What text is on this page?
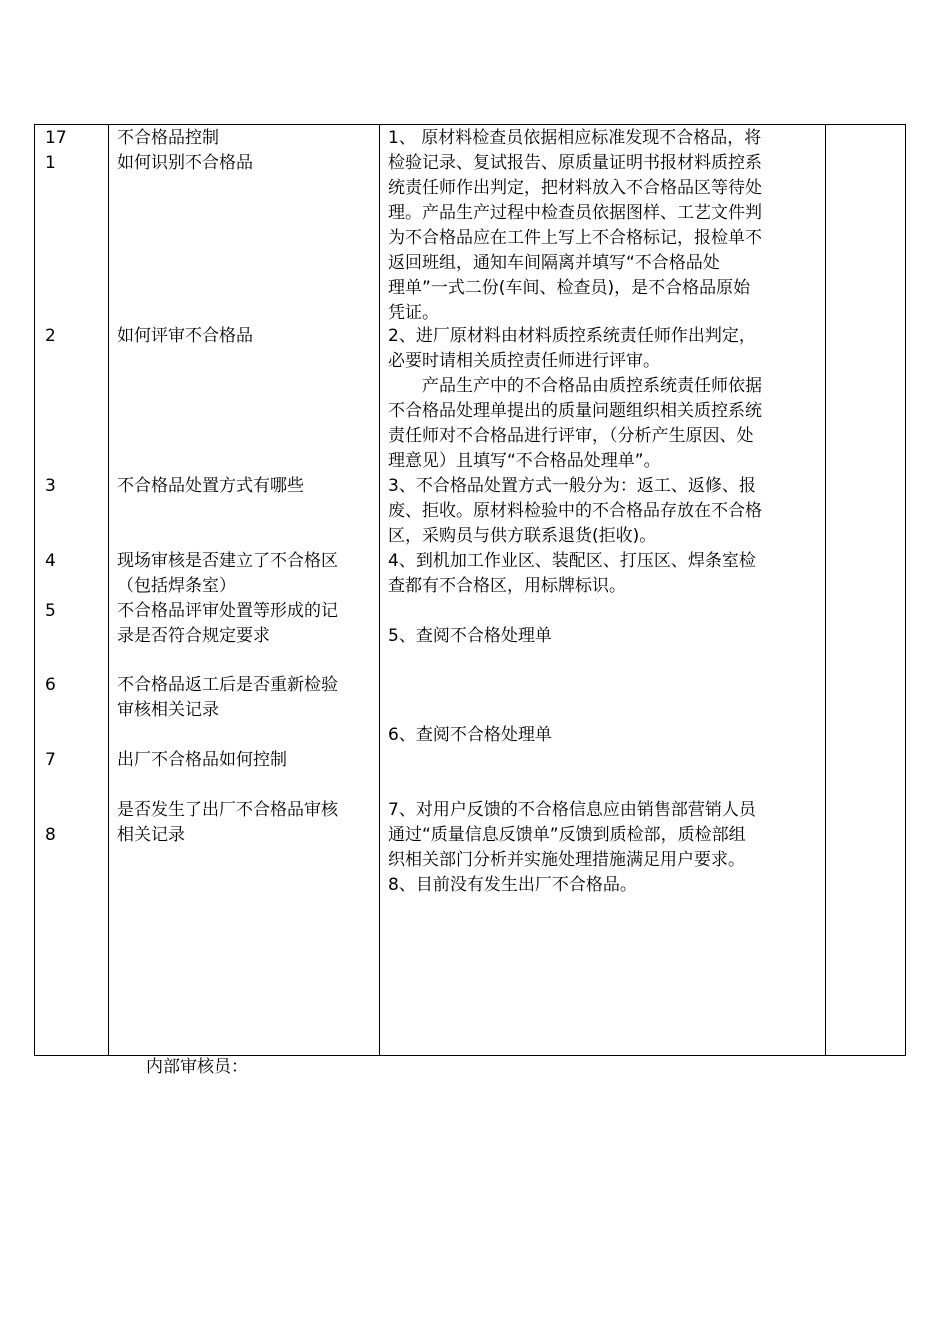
17
1
2
3
4
5
6
7
8
不合格品控制
如何识别不合格品
如何评审不合格品
不合格品处置方式有哪些
现场审核是否建立了不合格区
（包括焊条室）
不合格品评审处置等形成的记
录是否符合规定要求
不合格品返工后是否重新检验
审核相关记录
出厂不合格品如何控制
是否发生了出厂不合格品审核
相关记录
1、 原材料检查员依据相应标准发现不合格品，将
检验记录、复试报告、原质量证明书报材料质控系
统责任师作出判定，把材料放入不合格品区等待处
理。产品生产过程中检查员依据图样、工艺文件判
为不合格品应在工件上写上不合格标记，报检单不
返回班组，通知车间隔离并填写“不合格品处
理单”一式二份(车间、检查员)，是不合格品原始
凭证。
2、进厂原材料由材料质控系统责任师作出判定，
必要时请相关质控责任师进行评审。
产品生产中的不合格品由质控系统责任师依据
不合格品处理单提出的质量问题组织相关质控系统
责任师对不合格品进行评审，（分析产生原因、处
理意见）且填写“不合格品处理单”。
3、不合格品处置方式一般分为：返工、返修、报
废、拒收。原材料检验中的不合格品存放在不合格
区，采购员与供方联系退货(拒收)。
4、到机加工作业区、装配区、打压区、焊条室检
查都有不合格区，用标牌标识。
5、查阅不合格处理单
6、查阅不合格处理单
7、对用户反馈的不合格信息应由销售部营销人员
通过“质量信息反馈单”反馈到质检部，质检部组
织相关部门分析并实施处理措施满足用户要求。
8、目前没有发生出厂不合格品。
内部审核员：
